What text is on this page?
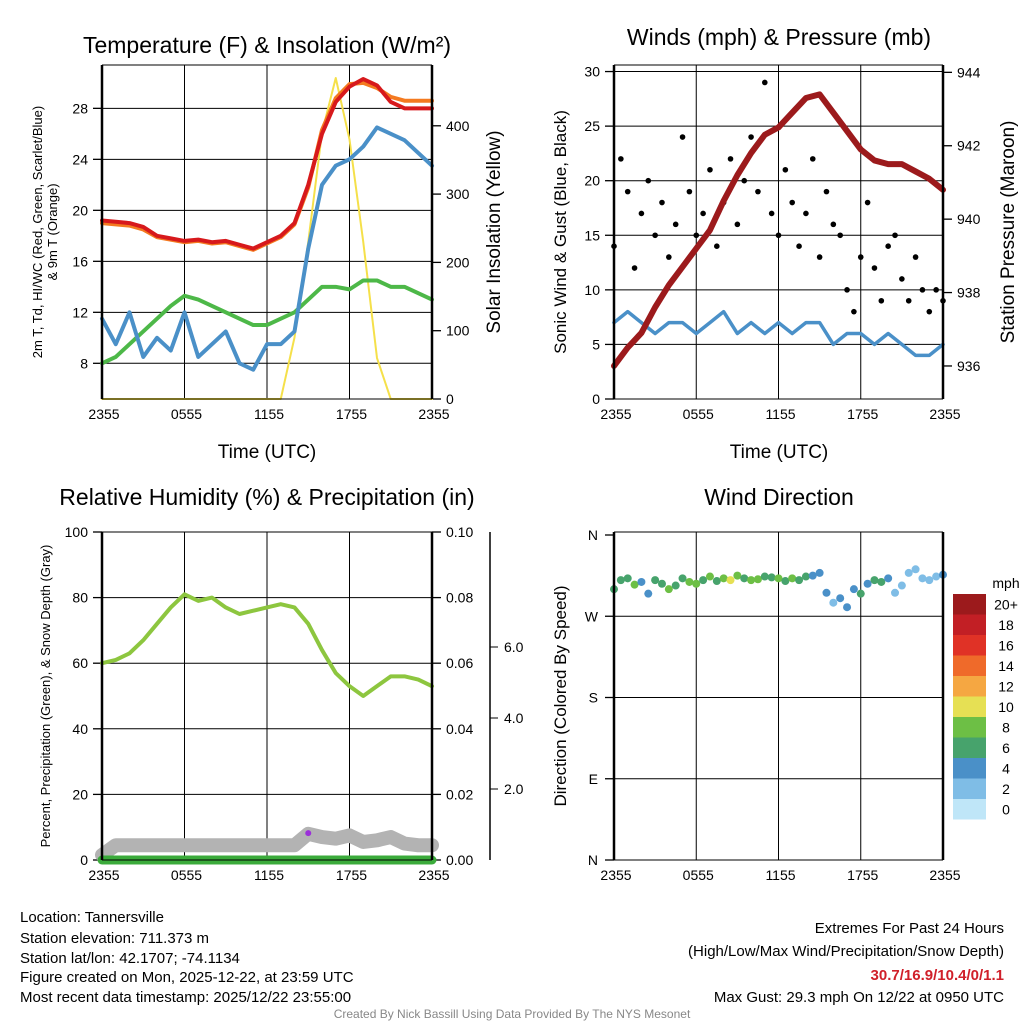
Temperature (F) & Insolation (W/m²)	Winds (mph) & Pressure (mb)
Relative Humidity (%) & Precipitation (in)	Wind Direction
Time (UTC)	Time (UTC)
2m T, Td, HI/WC (Red, Green, Scarlet/Blue) & 9m T (Orange)	Solar Insolation (Yellow)	Sonic Wind & Gust (Blue, Black)	Station Pressure (Maroon)
Percent, Precipitation (Green), & Snow Depth (Gray)	Direction (Colored By Speed)
2355	0555	1155	1755	2355
8
12
16
20
24
28
0
100
200
300
400
2355	0555	1155	1755	2355
0
5
10
15
20
25
30
936
938
940
942
944
2355	0555	1155	1755	2355
0
20
40
60
80
100
0.00
0.02
0.04
0.06
0.08
0.10
2.0
4.0
6.0
2355	0555	1155	1755	2355
N
E
S
W
N
0
2
4
6
8
10
12
14
16
18
20+
mph
Location: Tannersville
Station elevation: 711.373 m
Station lat/lon: 42.1707; -74.1134
Figure created on Mon, 2025-12-22, at 23:59 UTC
Most recent data timestamp: 2025/12/22 23:55:00
Extremes For Past 24 Hours
(High/Low/Max Wind/Precipitation/Snow Depth)
30.7/16.9/10.4/0/1.1
Max Gust: 29.3 mph On 12/22 at 0950 UTC
Created By Nick Bassill Using Data Provided By The NYS Mesonet
